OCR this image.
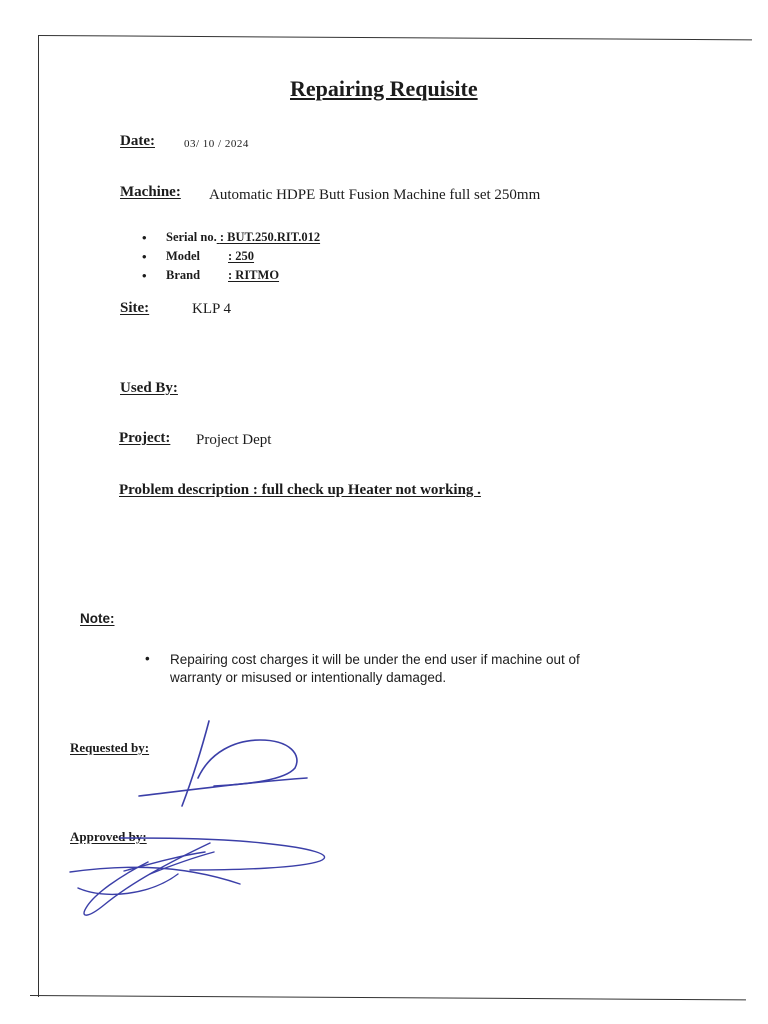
Repairing Requisite
Date:	03/ 10 / 2024
Machine: Automatic HDPE Butt Fusion Machine full set 250mm
• Serial no. : BUT.250.RIT.012
• Model : 250
• Brand : RITMO
Site:	KLP 4
Used By:
Project: Project Dept
Problem description : full check up Heater not working .
Note:
• Repairing cost charges it will be under the end user if machine out of
warranty or misused or intentionally damaged.
Requested by:
Approved by:
